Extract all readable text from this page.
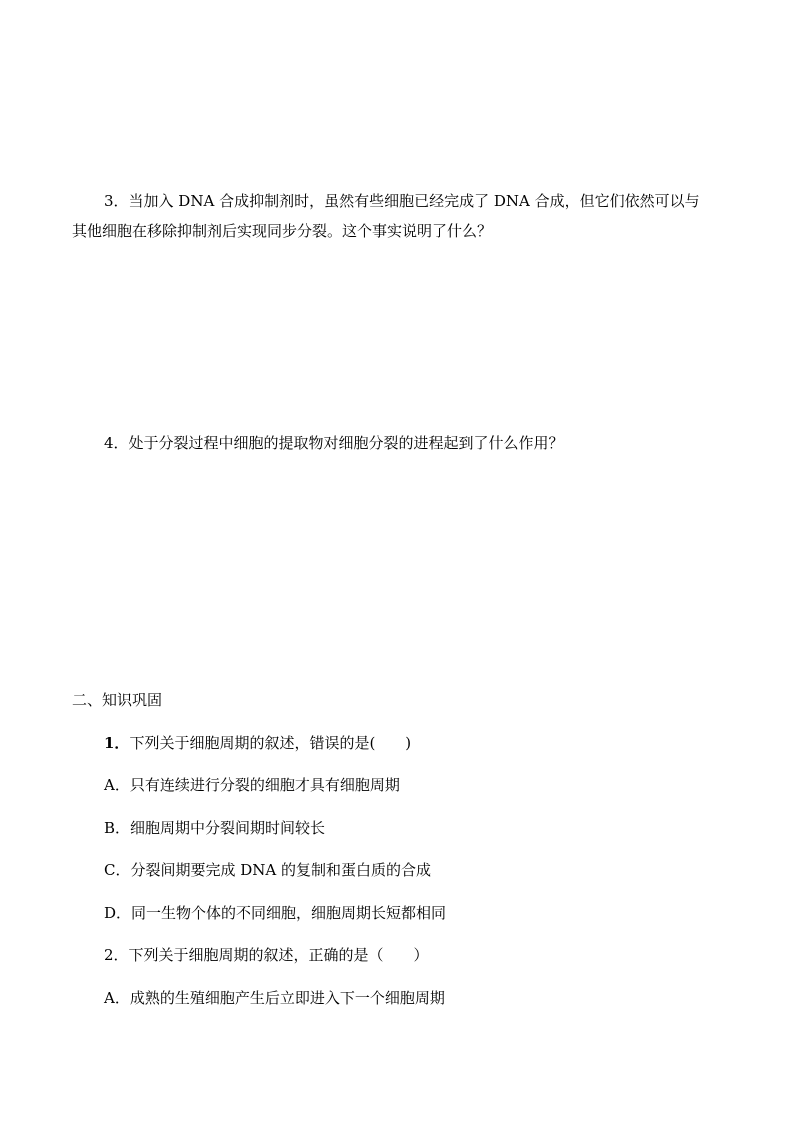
3．当加入 DNA 合成抑制剂时，虽然有些细胞已经完成了 DNA 合成，但它们依然可以与
其他细胞在移除抑制剂后实现同步分裂。这个事实说明了什么？
4．处于分裂过程中细胞的提取物对细胞分裂的进程起到了什么作用？
二、知识巩固
1．下列关于细胞周期的叙述，错误的是(　　)
A．只有连续进行分裂的细胞才具有细胞周期
B．细胞周期中分裂间期时间较长
C．分裂间期要完成 DNA 的复制和蛋白质的合成
D．同一生物个体的不同细胞，细胞周期长短都相同
2．下列关于细胞周期的叙述，正确的是（　　）
A．成熟的生殖细胞产生后立即进入下一个细胞周期
